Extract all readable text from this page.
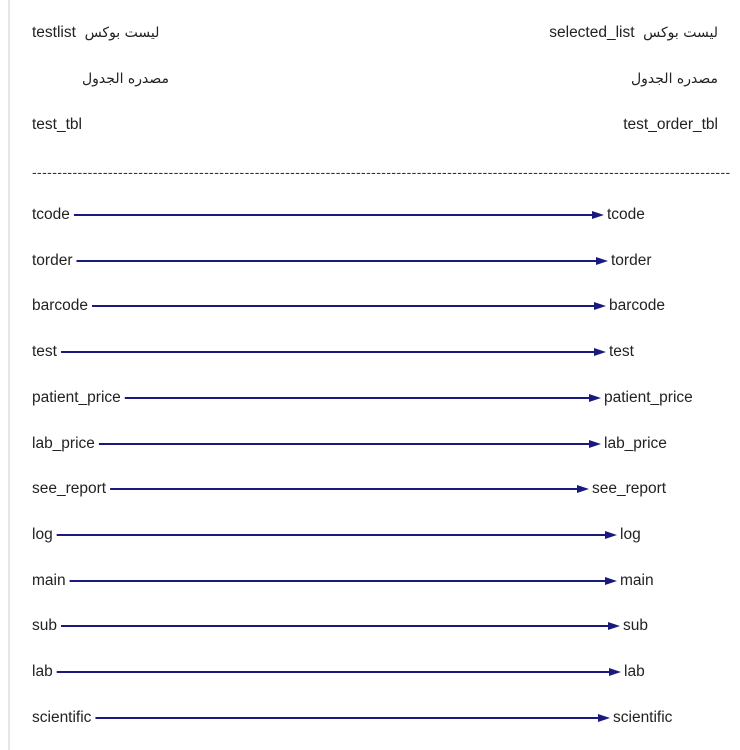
testlist ليست بوكس	selected_list ليست بوكس
مصدره الجدول	مصدره الجدول
test_tbl	test_order_tbl
------------------------------------------------------------------------------------------------------------------------------------------
tcode	tcode
torder	torder
barcode	barcode
test	test
patient_price	patient_price
lab_price	lab_price
see_report	see_report
log	log
main	main
sub	sub
lab	lab
scientific	scientific
